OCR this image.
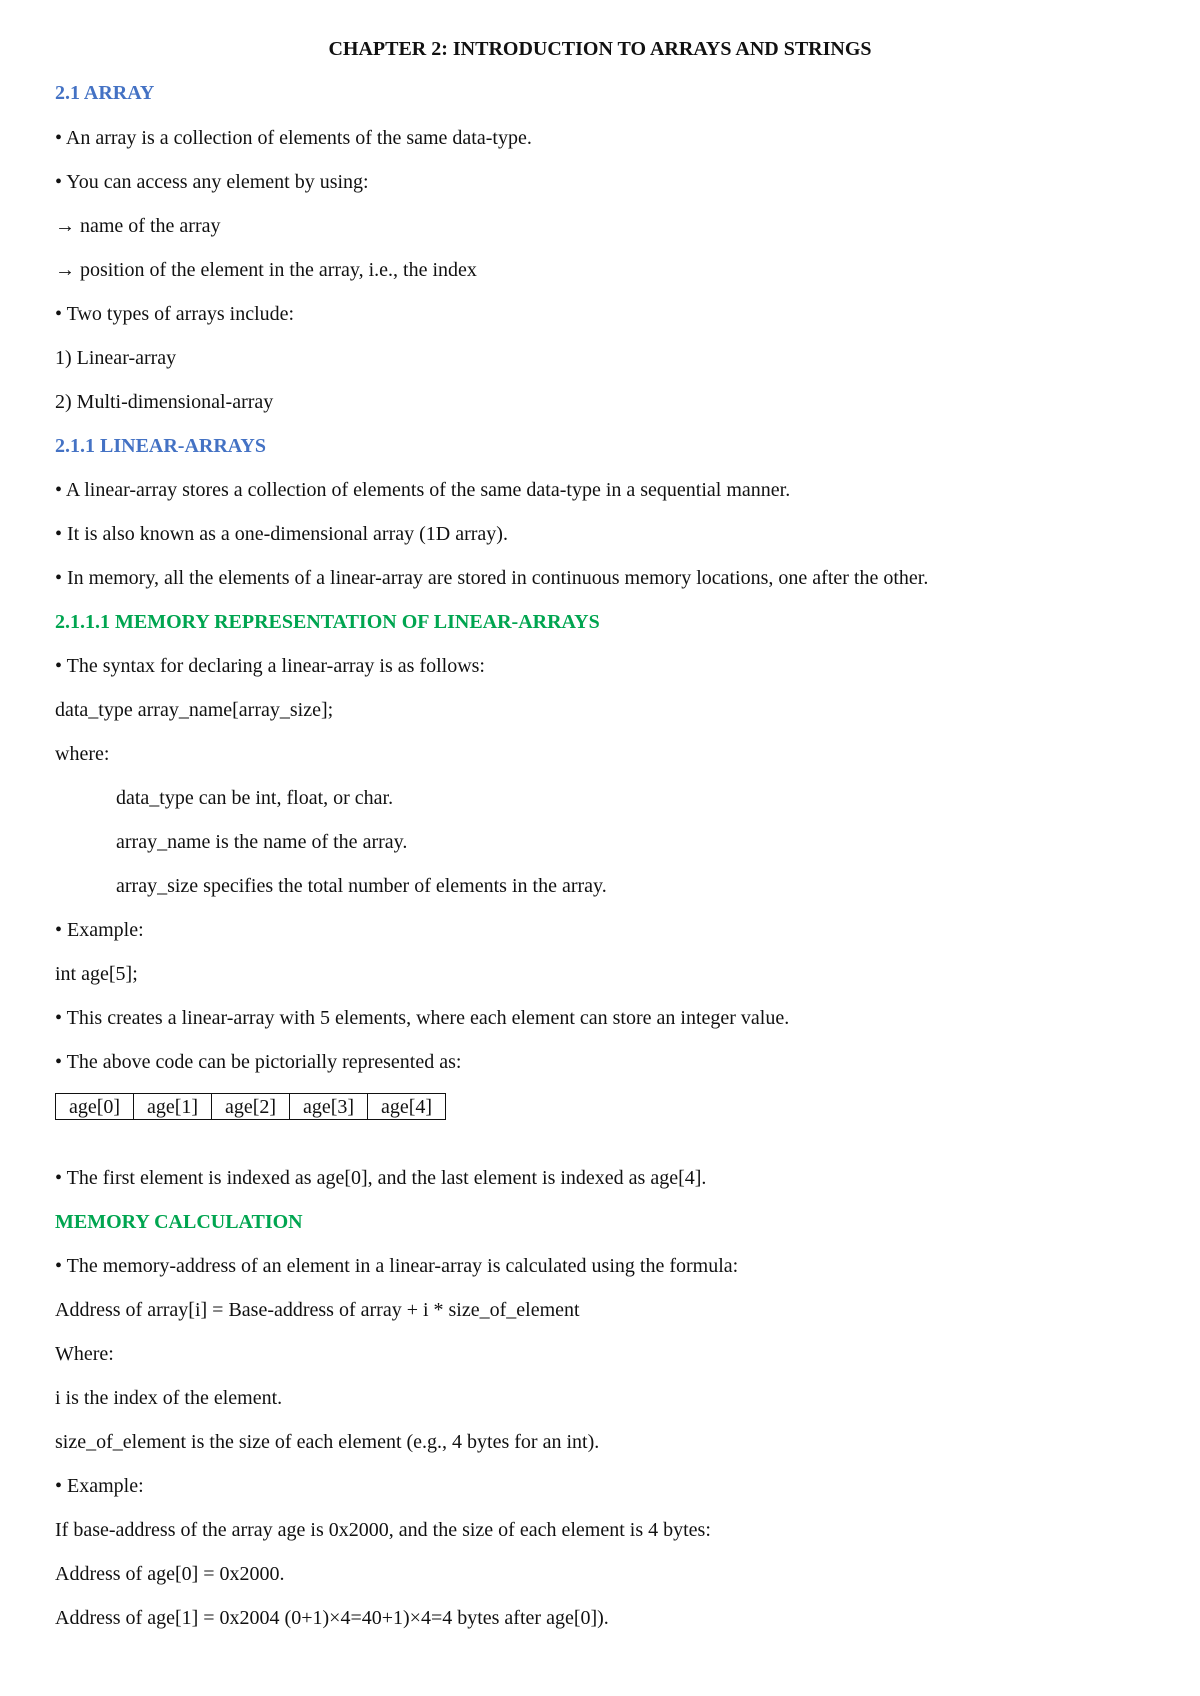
CHAPTER 2: INTRODUCTION TO ARRAYS AND STRINGS
2.1 ARRAY
• An array is a collection of elements of the same data-type.
• You can access any element by using:
→ name of the array
→ position of the element in the array, i.e., the index
• Two types of arrays include:
1) Linear-array
2) Multi-dimensional-array
2.1.1 LINEAR-ARRAYS
• A linear-array stores a collection of elements of the same data-type in a sequential manner.
• It is also known as a one-dimensional array (1D array).
• In memory, all the elements of a linear-array are stored in continuous memory locations, one after the other.
2.1.1.1 MEMORY REPRESENTATION OF LINEAR-ARRAYS
• The syntax for declaring a linear-array is as follows:
data_type array_name[array_size];
where:
data_type can be int, float, or char.
array_name is the name of the array.
array_size specifies the total number of elements in the array.
• Example:
int age[5];
• This creates a linear-array with 5 elements, where each element can store an integer value.
• The above code can be pictorially represented as:
age[0]	age[1]	age[2]	age[3]	age[4]
• The first element is indexed as age[0], and the last element is indexed as age[4].
MEMORY CALCULATION
• The memory-address of an element in a linear-array is calculated using the formula:
Address of array[i] = Base-address of array + i * size_of_element
Where:
i is the index of the element.
size_of_element is the size of each element (e.g., 4 bytes for an int).
• Example:
If base-address of the array age is 0x2000, and the size of each element is 4 bytes:
Address of age[0] = 0x2000.
Address of age[1] = 0x2004 (0+1)×4=40+1)×4=4 bytes after age[0]).
